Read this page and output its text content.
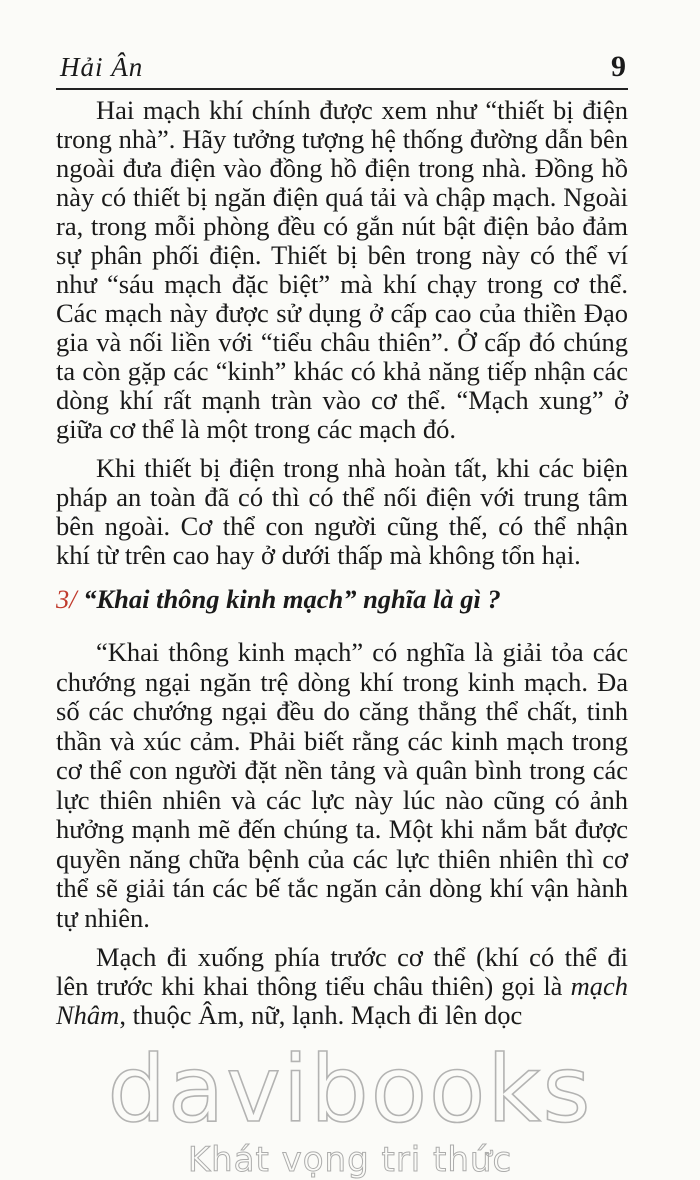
Hải Ân	9

Hai mạch khí chính được xem như “thiết bị điện trong nhà”. Hãy tưởng tượng hệ thống đường dẫn bên ngoài đưa điện vào đồng hồ điện trong nhà. Đồng hồ này có thiết bị ngăn điện quá tải và chập mạch. Ngoài ra, trong mỗi phòng đều có gắn nút bật điện bảo đảm sự phân phối điện. Thiết bị bên trong này có thể ví như “sáu mạch đặc biệt” mà khí chạy trong cơ thể. Các mạch này được sử dụng ở cấp cao của thiền Đạo gia và nối liền với “tiểu châu thiên”. Ở cấp đó chúng ta còn gặp các “kinh” khác có khả năng tiếp nhận các dòng khí rất mạnh tràn vào cơ thể. “Mạch xung” ở giữa cơ thể là một trong các mạch đó.

Khi thiết bị điện trong nhà hoàn tất, khi các biện pháp an toàn đã có thì có thể nối điện với trung tâm bên ngoài. Cơ thể con người cũng thế, có thể nhận khí từ trên cao hay ở dưới thấp mà không tổn hại.

3/ “Khai thông kinh mạch” nghĩa là gì ?

“Khai thông kinh mạch” có nghĩa là giải tỏa các chướng ngại ngăn trệ dòng khí trong kinh mạch. Đa số các chướng ngại đều do căng thẳng thể chất, tinh thần và xúc cảm. Phải biết rằng các kinh mạch trong cơ thể con người đặt nền tảng và quân bình trong các lực thiên nhiên và các lực này lúc nào cũng có ảnh hưởng mạnh mẽ đến chúng ta. Một khi nắm bắt được quyền năng chữa bệnh của các lực thiên nhiên thì cơ thể sẽ giải tán các bế tắc ngăn cản dòng khí vận hành tự nhiên.

Mạch đi xuống phía trước cơ thể (khí có thể đi lên trước khi khai thông tiểu châu thiên) gọi là mạch Nhâm, thuộc Âm, nữ, lạnh. Mạch đi lên dọc

davibooks
Khát vọng tri thức
